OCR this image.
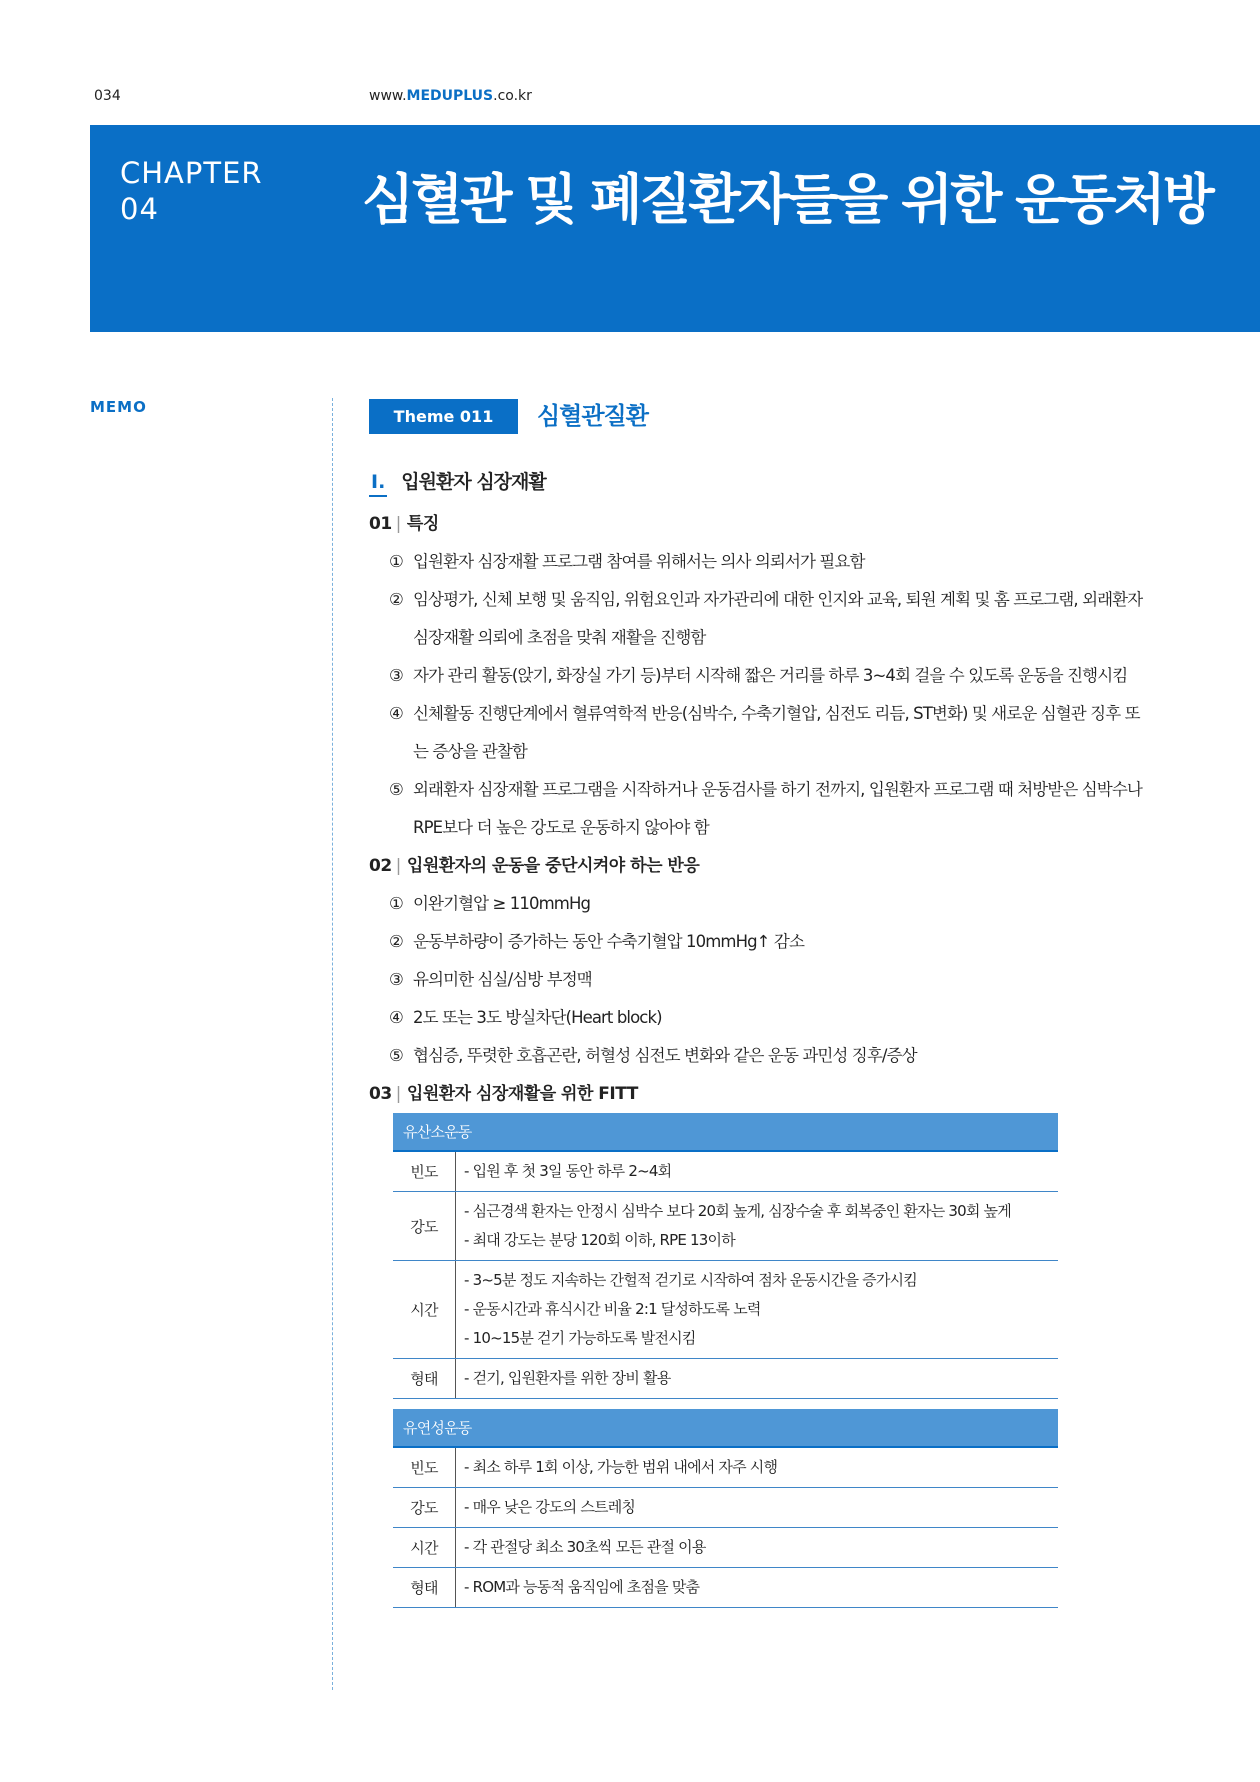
034	www.MEDUPLUS.co.kr
CHAPTER
04	심혈관 및 폐질환자들을 위한 운동처방
MEMO	Theme 011	심혈관질환
Ⅰ. 입원환자 심장재활
01 | 특징
① 입원환자 심장재활 프로그램 참여를 위해서는 의사 의뢰서가 필요함
② 임상평가, 신체 보행 및 움직임, 위험요인과 자가관리에 대한 인지와 교육, 퇴원 계획 및 홈 프로그램, 외래환자 심장재활 의뢰에 초점을 맞춰 재활을 진행함
③ 자가 관리 활동(앉기, 화장실 가기 등)부터 시작해 짧은 거리를 하루 3~4회 걸을 수 있도록 운동을 진행시킴
④ 신체활동 진행단계에서 혈류역학적 반응(심박수, 수축기혈압, 심전도 리듬, ST변화) 및 새로운 심혈관 징후 또는 증상을 관찰함
⑤ 외래환자 심장재활 프로그램을 시작하거나 운동검사를 하기 전까지, 입원환자 프로그램 때 처방받은 심박수나 RPE보다 더 높은 강도로 운동하지 않아야 함
02 | 입원환자의 운동을 중단시켜야 하는 반응
① 이완기혈압 ≥ 110mmHg
② 운동부하량이 증가하는 동안 수축기혈압 10mmHg↑ 감소
③ 유의미한 심실/심방 부정맥
④ 2도 또는 3도 방실차단(Heart block)
⑤ 협심증, 뚜렷한 호흡곤란, 허혈성 심전도 변화와 같은 운동 과민성 징후/증상
03 | 입원환자 심장재활을 위한 FITT
유산소운동	
빈도	- 입원 후 첫 3일 동안 하루 2~4회

강도	- 심근경색 환자는 안정시 심박수 보다 20회 높게, 심장수술 후 회복중인 환자는 30회 높게
- 최대 강도는 분당 120회 이하, RPE 13이하

시간	- 3~5분 정도 지속하는 간헐적 걷기로 시작하여 점차 운동시간을 증가시킴
- 운동시간과 휴식시간 비율 2:1 달성하도록 노력
- 10~15분 걷기 가능하도록 발전시킴

형태	- 걷기, 입원환자를 위한 장비 활용
유연성운동	
빈도	- 최소 하루 1회 이상, 가능한 범위 내에서 자주 시행

강도	- 매우 낮은 강도의 스트레칭

시간	- 각 관절당 최소 30초씩 모든 관절 이용

형태	- ROM과 능동적 움직임에 초점을 맞춤
